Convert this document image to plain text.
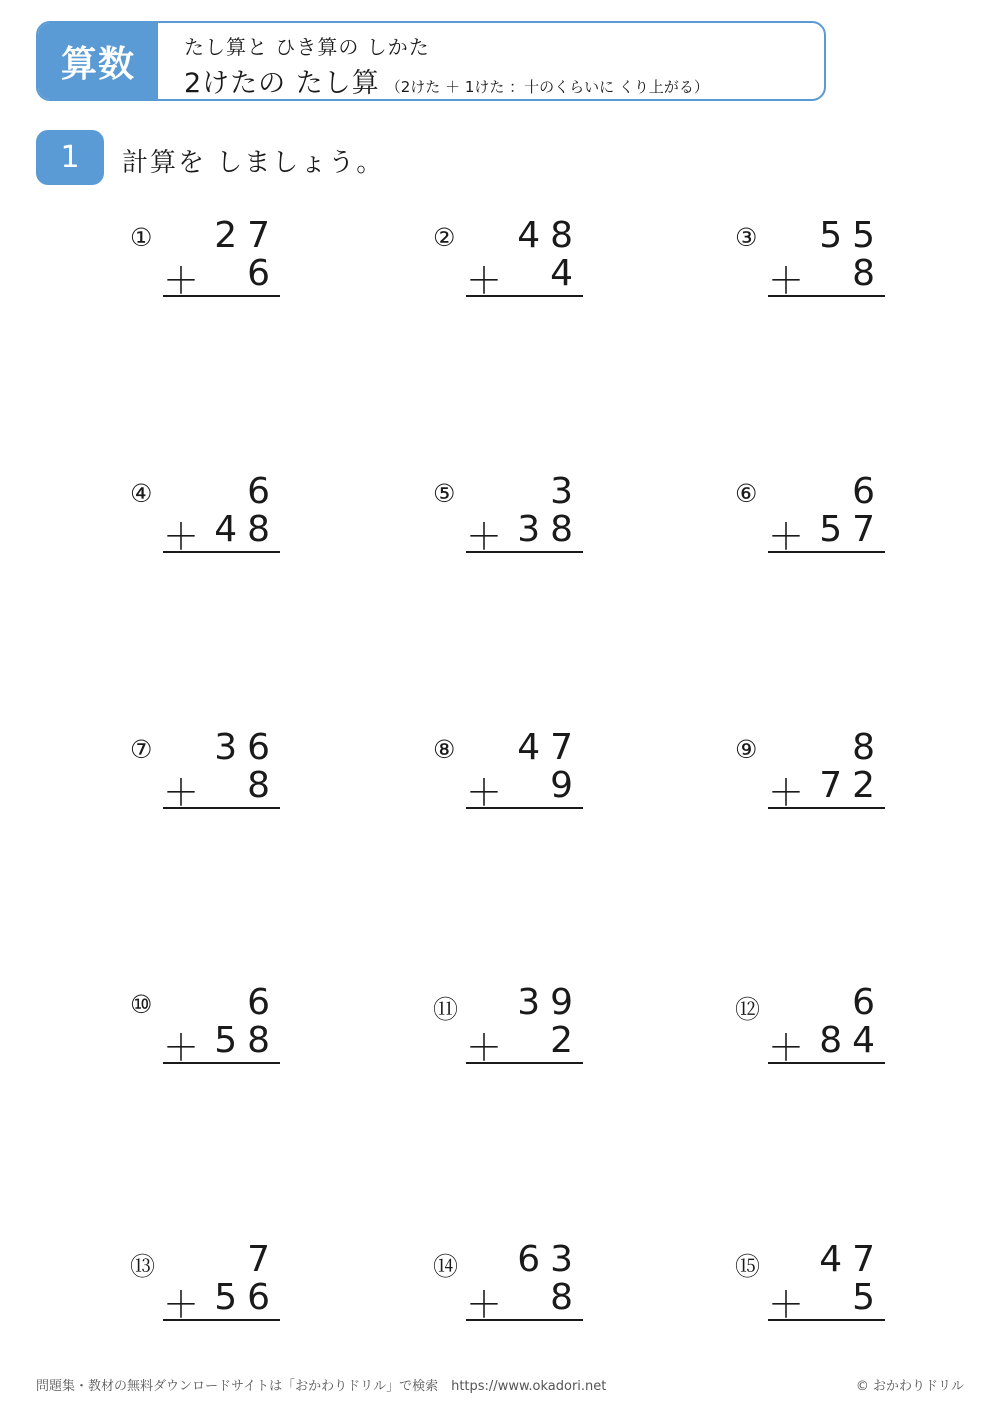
算数	たし算と ひき算の しかた
2けたの たし算 （2けた ＋ 1けた ：十のくらいに くり上がる）
1	計算を しましょう。
① 27
＋ 6
② 48
＋ 4
③ 55
＋ 8
④	6
＋ 48
⑤	3
＋ 38
⑥	6
＋ 57
⑦ 36
＋ 8
⑧ 47
＋ 9
⑨	8
＋ 72
⑩	6
＋ 58
⑪ 39
＋ 2
⑫	6
＋ 84
⑬	7
＋ 56
⑭ 63
＋ 8
⑮ 47
＋ 5
問題集・教材の無料ダウンロードサイトは「おかわりドリル」で検索　https://www.okadori.net	© おかわりドリル
